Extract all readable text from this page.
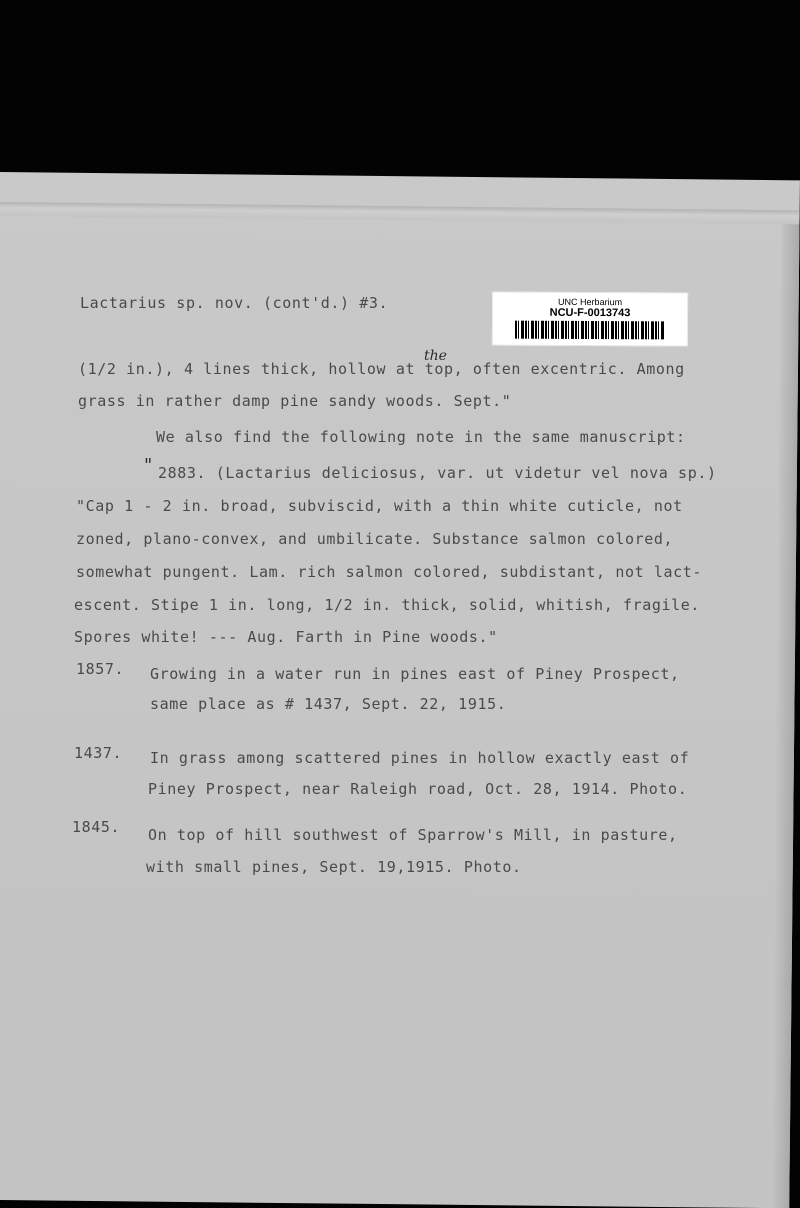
UNC Herbarium
NCU-F-0013743
Lactarius sp. nov. (cont'd.) #3.
the
(1/2 in.), 4 lines thick, hollow at top, often excentric. Among
grass in rather damp pine sandy woods. Sept."
We also find the following note in the same manuscript:
" 2883. (Lactarius deliciosus, var. ut videtur vel nova sp.)
"Cap 1 - 2 in. broad, subviscid, with a thin white cuticle, not
zoned, plano-convex, and umbilicate. Substance salmon colored,
somewhat pungent. Lam. rich salmon colored, subdistant, not lact-
escent. Stipe 1 in. long, 1/2 in. thick, solid, whitish, fragile.
Spores white! --- Aug. Farth in Pine woods."
1857. Growing in a water run in pines east of Piney Prospect,
same place as # 1437, Sept. 22, 1915.
1437. In grass among scattered pines in hollow exactly east of
Piney Prospect, near Raleigh road, Oct. 28, 1914. Photo.
1845. On top of hill southwest of Sparrow's Mill, in pasture,
with small pines, Sept. 19,1915. Photo.
